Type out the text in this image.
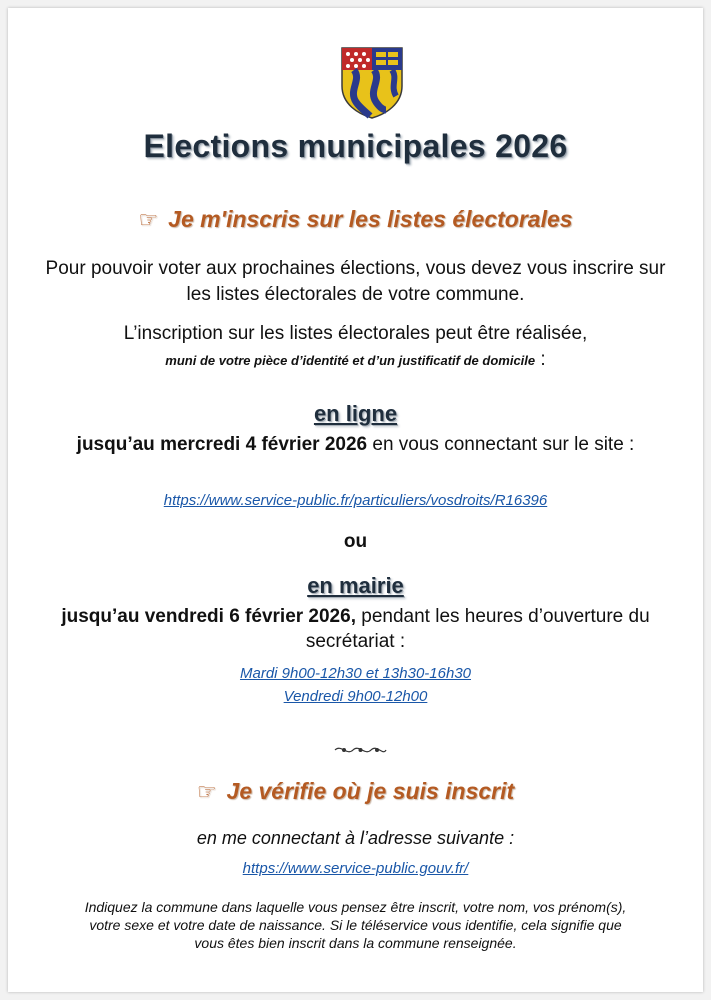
Elections municipales 2026
☞ Je m'inscris sur les listes électorales
Pour pouvoir voter aux prochaines élections, vous devez vous inscrire sur les listes électorales de votre commune.
L’inscription sur les listes électorales peut être réalisée,
muni de votre pièce d’identité et d’un justificatif de domicile :
en ligne
jusqu’au mercredi 4 février 2026 en vous connectant sur le site :
https://www.service-public.fr/particuliers/vosdroits/R16396
ou
en mairie
jusqu’au vendredi 6 février 2026, pendant les heures d’ouverture du secrétariat :
Mardi 9h00-12h30 et 13h30-16h30
Vendredi 9h00-12h00
☞ Je vérifie où je suis inscrit
en me connectant à l’adresse suivante :
https://www.service-public.gouv.fr/
Indiquez la commune dans laquelle vous pensez être inscrit, votre nom, vos prénom(s), votre sexe et votre date de naissance. Si le téléservice vous identifie, cela signifie que vous êtes bien inscrit dans la commune renseignée.
